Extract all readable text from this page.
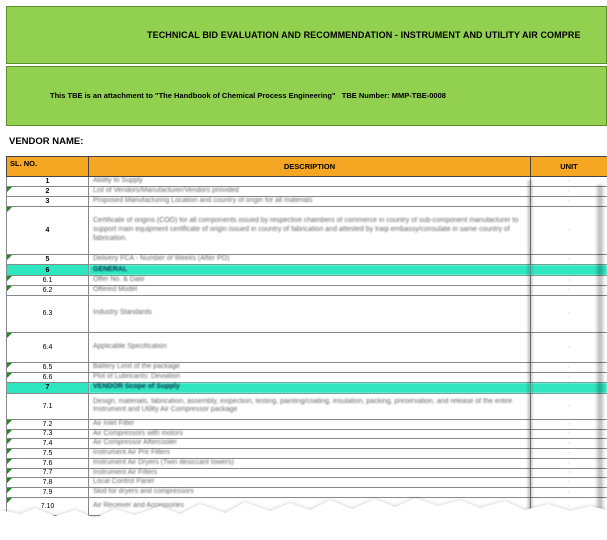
TECHNICAL BID EVALUATION AND RECOMMENDATION - INSTRUMENT AND UTILITY AIR COMPRE
This TBE is an attachment to "The Handbook of Chemical Process Engineering" TBE Number: MMP-TBE-0008
VENDOR NAME:
SL. NO.	DESCRIPTION	UNIT
1	Ability to Supply	-

2	List of Vendors/Manufacturer/Vendors provided	-
3	Proposed Manufacturing Location and country of origin for all materials	-

4	Certificate of origins (COO) for all components issued by respective chambers of commerce in country of sub-component manufacturer to support main equipment certificate of origin issued in country of fabrication and attested by Iraqi embassy/consulate in same country of fabrication.	-

5	Delivery FCA - Number of Weeks (After PO)	-
6	GENERAL	

6.1	Offer No. & Date	-

6.2	Offered Model	-
6.3	Industry Standards	-

6.4	Applicable Specification	-

6.5	Battery Limit of the package	-

6.6	Plot of Lubricants: Deviation	-
7	VENDOR Scope of Supply	
7.1	Design, materials, fabrication, assembly, inspection, testing, painting/coating, insulation, packing, preservation, and release of the entire Instrument and Utility Air Compressor package	-

7.2	Air Inlet Filter	-

7.3	Air Compressors with motors	-

7.4	Air Compressor Aftercooler	-

7.5	Instrument Air Pre Filters	-

7.6	Instrument Air Dryers (Twin desiccant towers)	-

7.7	Instrument Air Filters	-

7.8	Local Control Panel	-

7.9	Skid for dryers and compressors	-

7.10	Air Receiver and Accessories	-
